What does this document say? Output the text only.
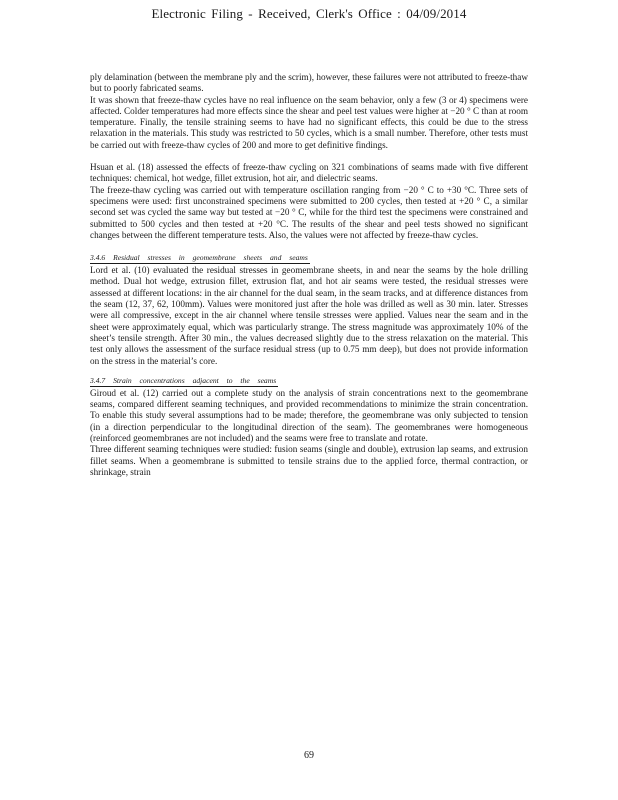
Electronic Filing - Received, Clerk's Office : 04/09/2014

ply delamination (between the membrane ply and the scrim), however, these failures were not attributed to freeze-thaw but to poorly fabricated seams.

It was shown that freeze-thaw cycles have no real influence on the seam behavior, only a few (3 or 4) specimens were affected. Colder temperatures had more effects since the shear and peel test values were higher at −20 ° C than at room temperature. Finally, the tensile straining seems to have had no significant effects, this could be due to the stress relaxation in the materials. This study was restricted to 50 cycles, which is a small number. Therefore, other tests must be carried out with freeze-thaw cycles of 200 and more to get definitive findings.

Hsuan et al. (18) assessed the effects of freeze-thaw cycling on 321 combinations of seams made with five different techniques: chemical, hot wedge, fillet extrusion, hot air, and dielectric seams.

The freeze-thaw cycling was carried out with temperature oscillation ranging from −20 ° C to +30 °C. Three sets of specimens were used: first unconstrained specimens were submitted to 200 cycles, then tested at +20 ° C, a similar second set was cycled the same way but tested at −20 ° C, while for the third test the specimens were constrained and submitted to 500 cycles and then tested at +20 °C. The results of the shear and peel tests showed no significant changes between the different temperature tests. Also, the values were not affected by freeze-thaw cycles.

3.4.6 Residual stresses in geomembrane sheets and seams

Lord et al. (10) evaluated the residual stresses in geomembrane sheets, in and near the seams by the hole drilling method. Dual hot wedge, extrusion fillet, extrusion flat, and hot air seams were tested, the residual stresses were assessed at different locations: in the air channel for the dual seam, in the seam tracks, and at difference distances from the seam (12, 37, 62, 100mm). Values were monitored just after the hole was drilled as well as 30 min. later. Stresses were all compressive, except in the air channel where tensile stresses were applied. Values near the seam and in the sheet were approximately equal, which was particularly strange. The stress magnitude was approximately 10% of the sheet’s tensile strength. After 30 min., the values decreased slightly due to the stress relaxation on the material. This test only allows the assessment of the surface residual stress (up to 0.75 mm deep), but does not provide information on the stress in the material’s core.

3.4.7 Strain concentrations adjacent to the seams

Giroud et al. (12) carried out a complete study on the analysis of strain concentrations next to the geomembrane seams, compared different seaming techniques, and provided recommendations to minimize the strain concentration. To enable this study several assumptions had to be made; therefore, the geomembrane was only subjected to tension (in a direction perpendicular to the longitudinal direction of the seam). The geomembranes were homogeneous (reinforced geomembranes are not included) and the seams were free to translate and rotate.

Three different seaming techniques were studied: fusion seams (single and double), extrusion lap seams, and extrusion fillet seams. When a geomembrane is submitted to tensile strains due to the applied force, thermal contraction, or shrinkage, strain

69
